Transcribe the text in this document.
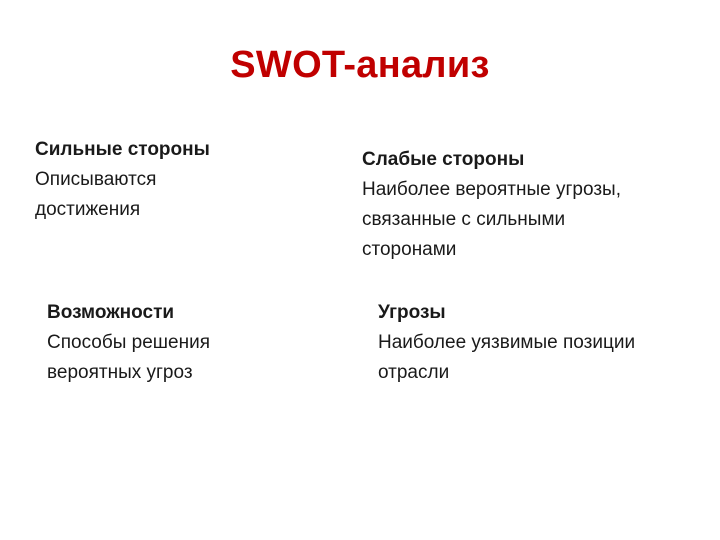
SWOT-анализ
Сильные стороны
Описываются
достижения
Слабые стороны
Наиболее вероятные угрозы,
связанные с сильными
сторонами
Возможности
Способы решения
вероятных угроз
Угрозы
Наиболее уязвимые позиции
отрасли
